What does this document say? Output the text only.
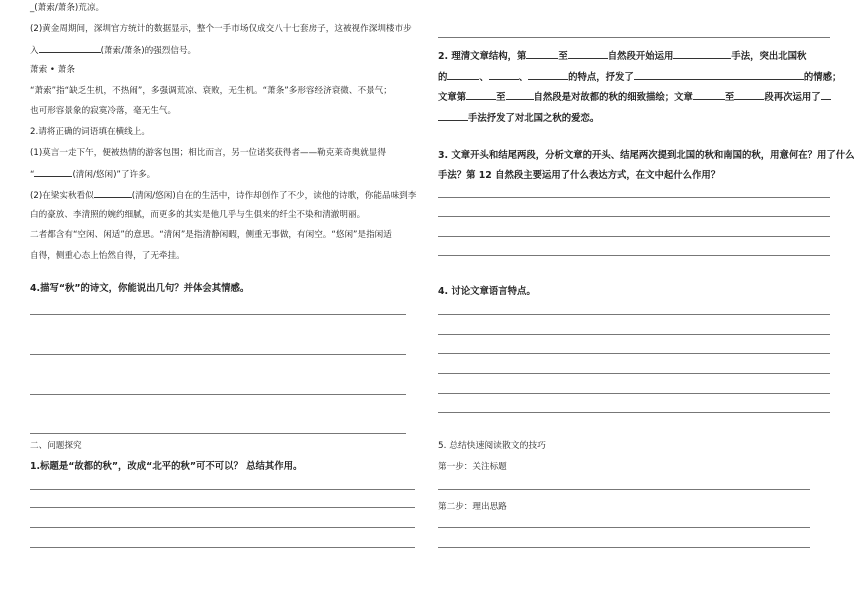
_(萧索/萧条)荒凉。
(2)黄金周期间，深圳官方统计的数据显示，整个一手市场仅成交八十七套房子，这被视作深圳楼市步
入	(萧索/萧条)的强烈信号。
萧索 • 萧条
“萧索”指“缺乏生机，不热闹”，多强调荒凉、衰败，无生机。“萧条”多形容经济衰微、不景气；
也可形容景象的寂寞冷落，毫无生气。
2.请将正确的词语填在横线上。
(1)莫言一走下午，便被热情的游客包围；相比而言，另一位诺奖获得者——勒克莱奇奥就显得
“	(清闲/悠闲)”了许多。
(2)在梁实秋看似	(清闲/悠闲)自在的生活中，诗作却创作了不少，读他的诗歌，你能品味到李
白的豪放、李清照的婉约细腻，而更多的其实是他几乎与生俱来的纤尘不染和清澈明丽。
二者都含有“空闲、闲适”的意思。“清闲”是指清静闲暇，侧重无事做，有闲空。“悠闲”是指闲适
自得，侧重心态上怡然自得，了无牵挂。
4.描写“秋”的诗文，你能说出几句？并体会其情感。
二、问题探究
1.标题是“故都的秋”，改成“北平的秋”可不可以？ 总结其作用。
2. 理清文章结构，第	至	自然段开始运用	手法，突出北国秋
的	、	、	的特点，抒发了	的情感；
文章第	至	自然段是对故都的秋的细致描绘；文章	至	段再次运用了
手法抒发了对北国之秋的爱恋。
3. 文章开头和结尾两段，分析文章的开头、结尾两次提到北国的秋和南国的秋，用意何在？用了什么
手法？第 12 自然段主要运用了什么表达方式，在文中起什么作用？
4. 讨论文章语言特点。
5. 总结快速阅读散文的技巧
第一步：关注标题
第二步：理出思路
